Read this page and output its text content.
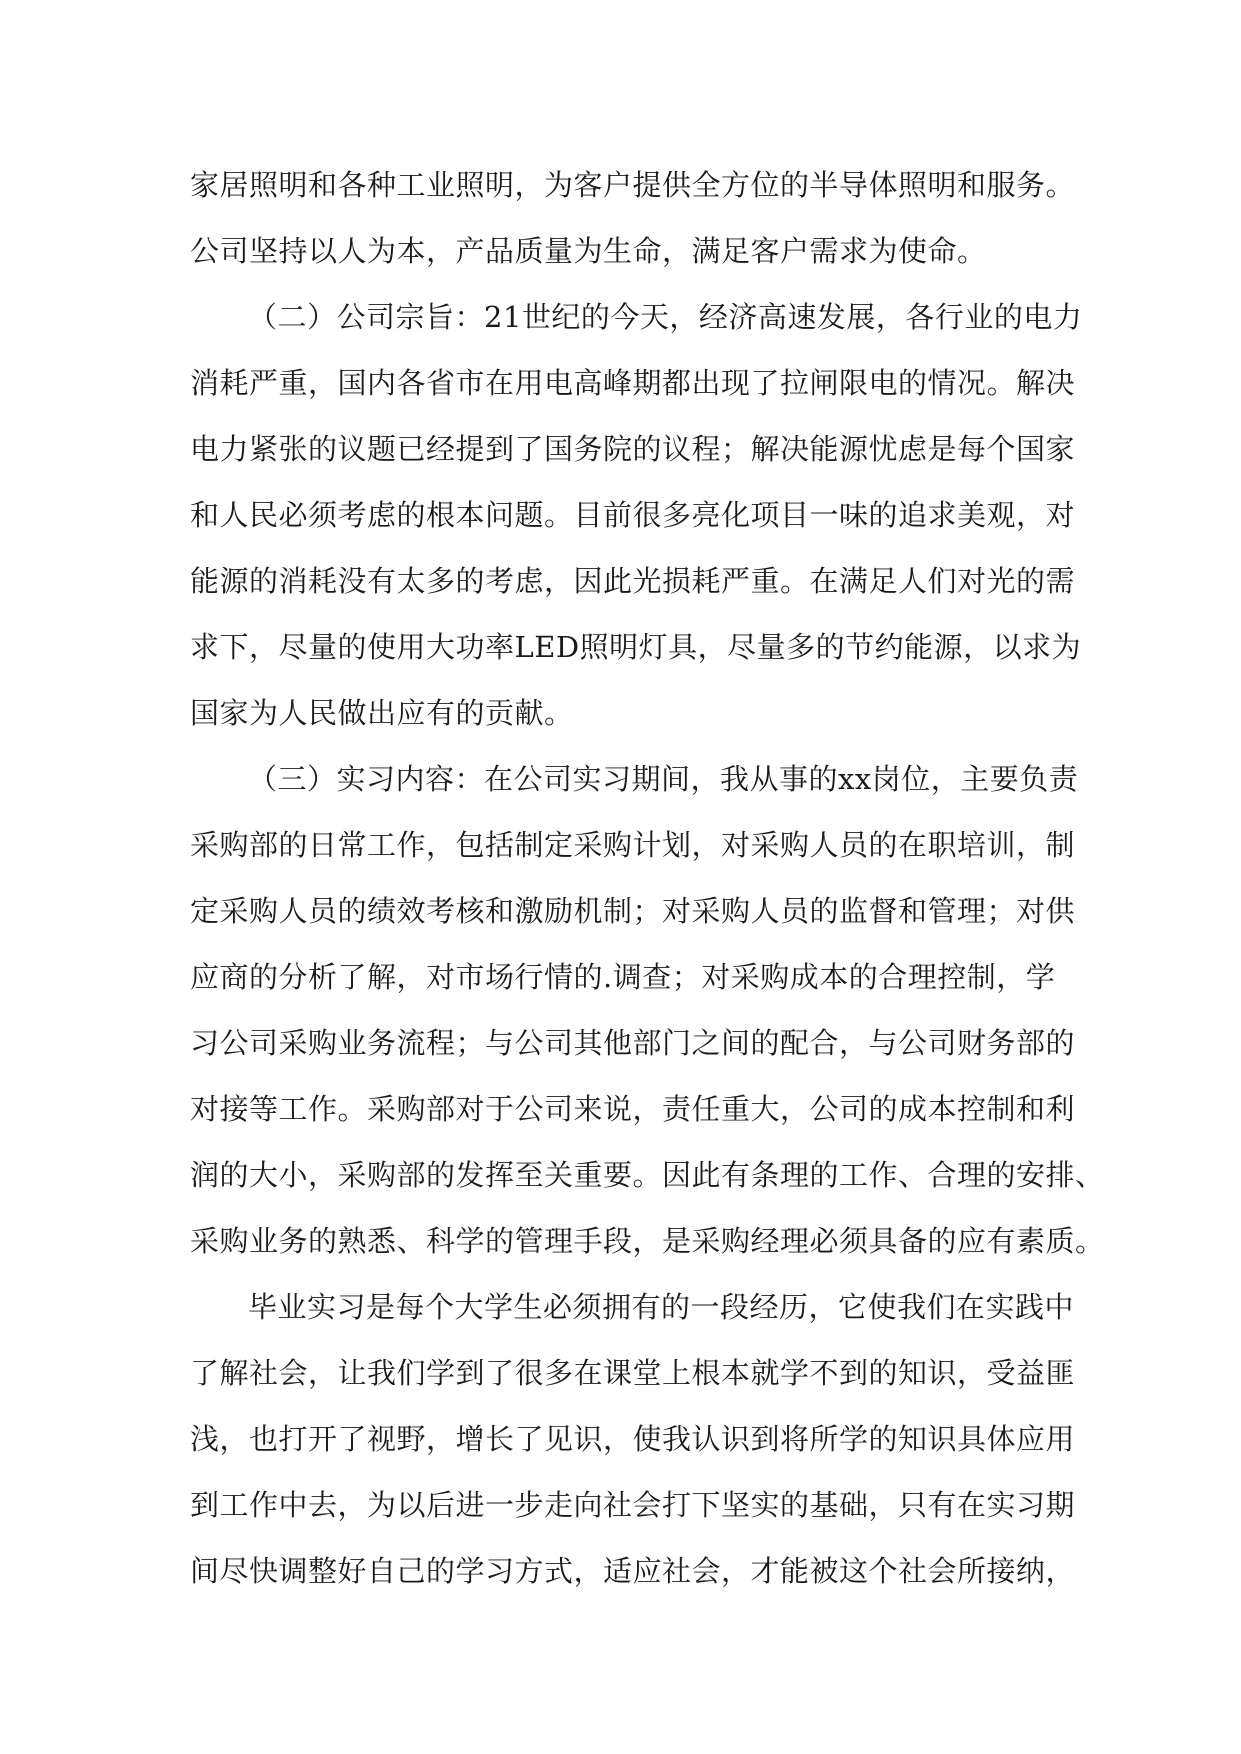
家居照明和各种工业照明，为客户提供全方位的半导体照明和服务。
公司坚持以人为本，产品质量为生命，满足客户需求为使命。
（二）公司宗旨：21世纪的今天，经济高速发展，各行业的电力
消耗严重，国内各省市在用电高峰期都出现了拉闸限电的情况。解决
电力紧张的议题已经提到了国务院的议程；解决能源忧虑是每个国家
和人民必须考虑的根本问题。目前很多亮化项目一味的追求美观，对
能源的消耗没有太多的考虑，因此光损耗严重。在满足人们对光的需
求下，尽量的使用大功率LED照明灯具，尽量多的节约能源，以求为
国家为人民做出应有的贡献。
（三）实习内容：在公司实习期间，我从事的xx岗位，主要负责
采购部的日常工作，包括制定采购计划，对采购人员的在职培训，制
定采购人员的绩效考核和激励机制；对采购人员的监督和管理；对供
应商的分析了解，对市场行情的.调查；对采购成本的合理控制，学
习公司采购业务流程；与公司其他部门之间的配合，与公司财务部的
对接等工作。采购部对于公司来说，责任重大，公司的成本控制和利
润的大小，采购部的发挥至关重要。因此有条理的工作、合理的安排、
采购业务的熟悉、科学的管理手段，是采购经理必须具备的应有素质。
毕业实习是每个大学生必须拥有的一段经历，它使我们在实践中
了解社会，让我们学到了很多在课堂上根本就学不到的知识，受益匪
浅，也打开了视野，增长了见识，使我认识到将所学的知识具体应用
到工作中去，为以后进一步走向社会打下坚实的基础，只有在实习期
间尽快调整好自己的学习方式，适应社会，才能被这个社会所接纳，
